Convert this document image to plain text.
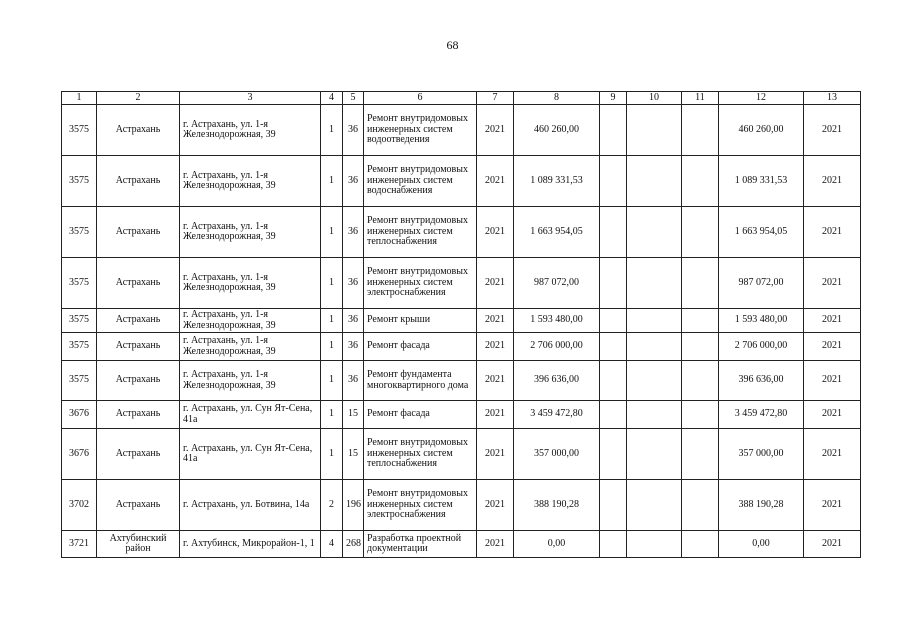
68
1	2	3	4	5	6	7	8	9	10	11	12	13
3575	Астрахань	г. Астрахань, ул. 1-я Железнодорожная, 39	1	36	Ремонт внутридомовых инженерных систем водоотведения	2021	460 260,00				460 260,00	2021
3575	Астрахань	г. Астрахань, ул. 1-я Железнодорожная, 39	1	36	Ремонт внутридомовых инженерных систем водоснабжения	2021	1 089 331,53				1 089 331,53	2021
3575	Астрахань	г. Астрахань, ул. 1-я Железнодорожная, 39	1	36	Ремонт внутридомовых инженерных систем теплоснабжения	2021	1 663 954,05				1 663 954,05	2021
3575	Астрахань	г. Астрахань, ул. 1-я Железнодорожная, 39	1	36	Ремонт внутридомовых инженерных систем электроснабжения	2021	987 072,00				987 072,00	2021
3575	Астрахань	г. Астрахань, ул. 1-я Железнодорожная, 39	1	36	Ремонт крыши	2021	1 593 480,00				1 593 480,00	2021
3575	Астрахань	г. Астрахань, ул. 1-я Железнодорожная, 39	1	36	Ремонт фасада	2021	2 706 000,00				2 706 000,00	2021
3575	Астрахань	г. Астрахань, ул. 1-я Железнодорожная, 39	1	36	Ремонт фундамента многоквартирного дома	2021	396 636,00				396 636,00	2021
3676	Астрахань	г. Астрахань, ул. Сун Ят-Сена, 41а	1	15	Ремонт фасада	2021	3 459 472,80				3 459 472,80	2021
3676	Астрахань	г. Астрахань, ул. Сун Ят-Сена, 41а	1	15	Ремонт внутридомовых инженерных систем теплоснабжения	2021	357 000,00				357 000,00	2021
3702	Астрахань	г. Астрахань, ул. Ботвина, 14а	2	196	Ремонт внутридомовых инженерных систем электроснабжения	2021	388 190,28				388 190,28	2021
3721	Ахтубинский район	г. Ахтубинск, Микрорайон-1, 1	4	268	Разработка проектной документации	2021	0,00				0,00	2021
